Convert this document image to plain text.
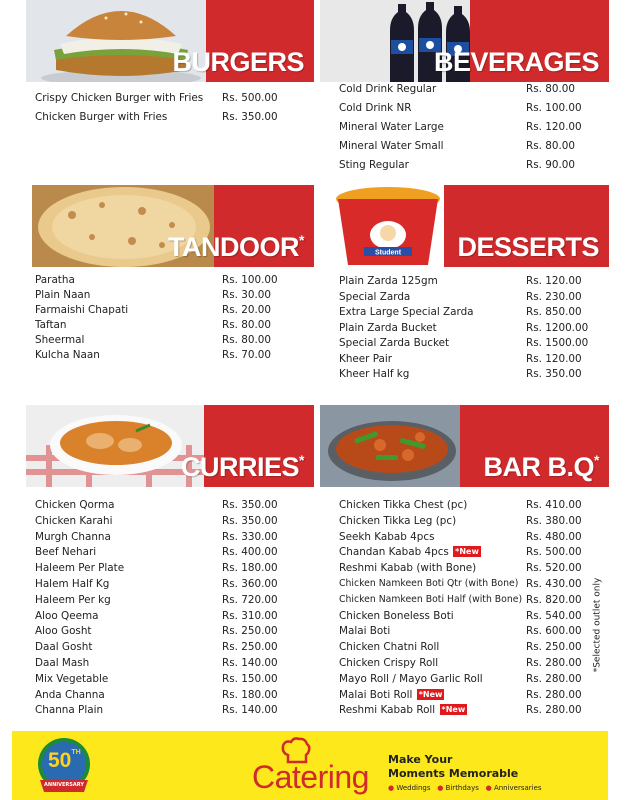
BURGERS
Crispy Chicken Burger with Fries Rs. 500.00
Chicken Burger with Fries	Rs. 350.00
BEVERAGES
Cold Drink Regular	Rs. 80.00
Cold Drink NR	Rs. 100.00
Mineral Water Large	Rs. 120.00
Mineral Water Small	Rs. 80.00
Sting Regular	Rs. 90.00
TANDOOR*
Paratha	Rs. 100.00
Plain Naan	Rs. 30.00
Farmaishi Chapati	Rs. 20.00
Taftan	Rs. 80.00
Sheermal	Rs. 80.00
Kulcha Naan	Rs. 70.00
Student DESSERTS
Plain Zarda 125gm	Rs. 120.00
Special Zarda	Rs. 230.00
Extra Large Special Zarda	Rs. 850.00
Plain Zarda Bucket	Rs. 1200.00
Special Zarda Bucket	Rs. 1500.00
Kheer Pair	Rs. 120.00
Kheer Half kg	Rs. 350.00
CURRIES*
Chicken Qorma	Rs. 350.00
Chicken Karahi	Rs. 350.00
Murgh Channa	Rs. 330.00
Beef Nehari	Rs. 400.00
Haleem Per Plate	Rs. 180.00
Halem Half Kg	Rs. 360.00
Haleem Per kg	Rs. 720.00
Aloo Qeema	Rs. 310.00
Aloo Gosht	Rs. 250.00
Daal Gosht	Rs. 250.00
Daal Mash	Rs. 140.00
Mix Vegetable	Rs. 150.00
Anda Channa	Rs. 180.00
Channa Plain	Rs. 140.00
BAR B.Q*
Chicken Tikka Chest (pc)	Rs. 410.00
Chicken Tikka Leg (pc)	Rs. 380.00
Seekh Kabab 4pcs	Rs. 480.00
Chandan Kabab 4pcs *New	Rs. 500.00
Reshmi Kabab (with Bone)	Rs. 520.00
Chicken Namkeen Boti Qtr (with Bone) Rs. 430.00
Chicken Namkeen Boti Half (with Bone) Rs. 820.00
Chicken Boneless Boti	Rs. 540.00
Malai Boti	Rs. 600.00
Chicken Chatni Roll	Rs. 250.00
Chicken Crispy Roll	Rs. 280.00
Mayo Roll / Mayo Garlic Roll	Rs. 280.00
Malai Boti Roll *New	Rs. 280.00
Reshmi Kabab Roll *New	Rs. 280.00
*Selected outlet only
50TH
ANNIVERSARY	Catering Make Your
Moments Memorable
● Weddings ● Birthdays ● Anniversaries
